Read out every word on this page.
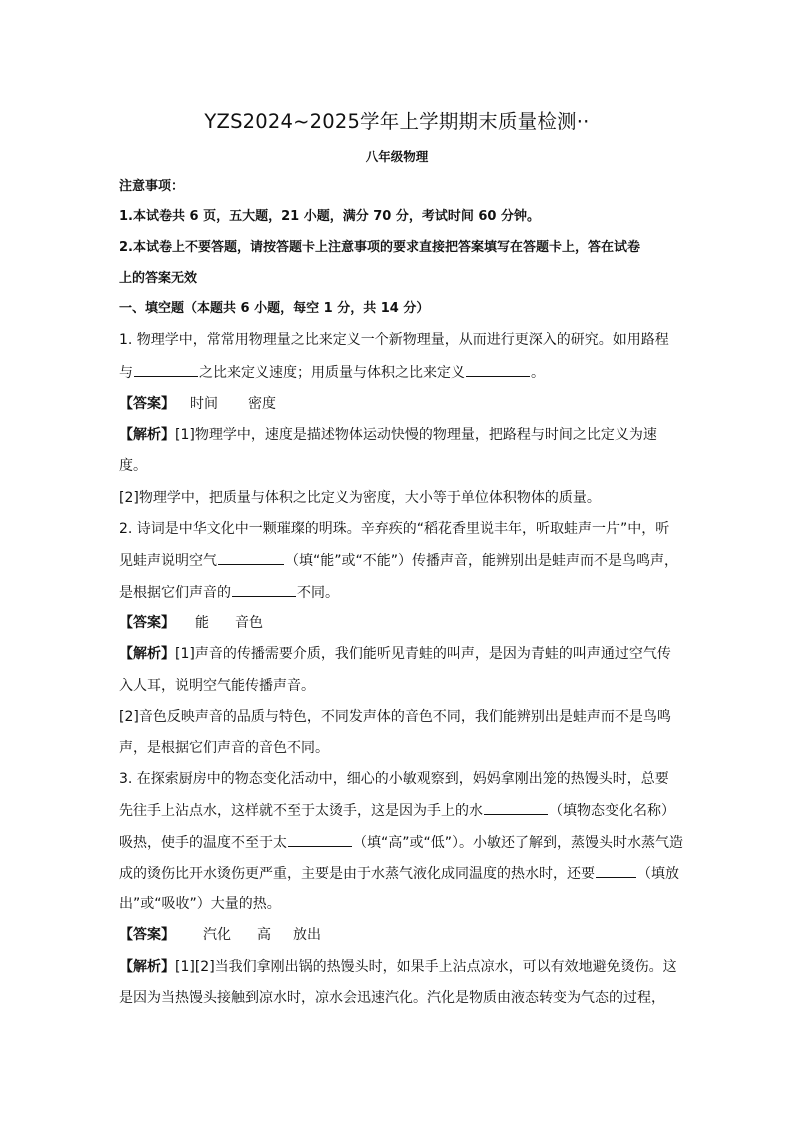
YZS2024~2025学年上学期期末质量检测··
八年级物理
注意事项：
1.本试卷共 6 页，五大题，21 小题，满分 70 分，考试时间 60 分钟。
2.本试卷上不要答题，请按答题卡上注意事项的要求直接把答案填写在答题卡上，答在试卷
上的答案无效
一、填空题（本题共 6 小题，每空 1 分，共 14 分）
1. 物理学中，常常用物理量之比来定义一个新物理量，从而进行更深入的研究。如用路程
与	之比来定义速度；用质量与体积之比来定义	。
【答案】 时间 密度
【解析】[1]物理学中，速度是描述物体运动快慢的物理量，把路程与时间之比定义为速
度。
[2]物理学中，把质量与体积之比定义为密度，大小等于单位体积物体的质量。
2. 诗词是中华文化中一颗璀璨的明珠。辛弃疾的“稻花香里说丰年，听取蛙声一片”中，听
见蛙声说明空气	（填“能”或“不能”）传播声音，能辨别出是蛙声而不是鸟鸣声，
是根据它们声音的	不同。
【答案】 能 音色
【解析】[1]声音的传播需要介质，我们能听见青蛙的叫声，是因为青蛙的叫声通过空气传
入人耳，说明空气能传播声音。
[2]音色反映声音的品质与特色，不同发声体的音色不同，我们能辨别出是蛙声而不是鸟鸣
声，是根据它们声音的音色不同。
3. 在探索厨房中的物态变化活动中，细心的小敏观察到，妈妈拿刚出笼的热馒头时，总要
先往手上沾点水，这样就不至于太烫手，这是因为手上的水	（填物态变化名称）
吸热，使手的温度不至于太	（填“高”或“低”）。小敏还了解到，蒸馒头时水蒸气造
成的烫伤比开水烫伤更严重，主要是由于水蒸气液化成同温度的热水时，还要	（填放
出”或“吸收”）大量的热。
【答案】 汽化 高 放出
【解析】[1][2]当我们拿刚出锅的热馒头时，如果手上沾点凉水，可以有效地避免烫伤。这
是因为当热馒头接触到凉水时，凉水会迅速汽化。汽化是物质由液态转变为气态的过程，
